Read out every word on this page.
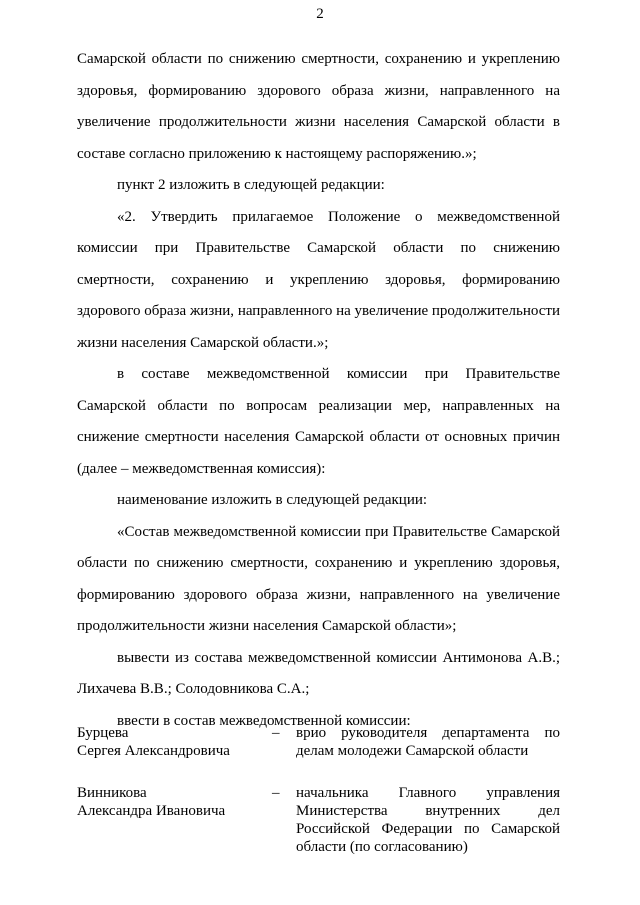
2

Самарской области по снижению смертности, сохранению и укреплению здоровья, формированию здорового образа жизни, направленного на увеличение продолжительности жизни населения Самарской области в составе согласно приложению к настоящему распоряжению.»;

пункт 2 изложить в следующей редакции:

«2. Утвердить прилагаемое Положение о межведомственной комиссии при Правительстве Самарской области по снижению смертности, сохранению и укреплению здоровья, формированию здорового образа жизни, направленного на увеличение продолжительности жизни населения Самарской области.»;

в составе межведомственной комиссии при Правительстве Самарской области по вопросам реализации мер, направленных на снижение смертности населения Самарской области от основных причин (далее – межведомственная комиссия):

наименование изложить в следующей редакции:

«Состав межведомственной комиссии при Правительстве Самарской области по снижению смертности, сохранению и укреплению здоровья, формированию здорового образа жизни, направленного на увеличение продолжительности жизни населения Самарской области»;

вывести из состава межведомственной комиссии Антимонова А.В.; Лихачева В.В.; Солодовникова С.А.;

ввести в состав межведомственной комиссии:

Бурцева
Сергея Александровича
–	врио руководителя департамента по
делам молодежи Самарской области
Винникова
Александра Ивановича
–	начальника Главного управления
Министерства внутренних дел
Российской Федерации по Самарской
области (по согласованию)
